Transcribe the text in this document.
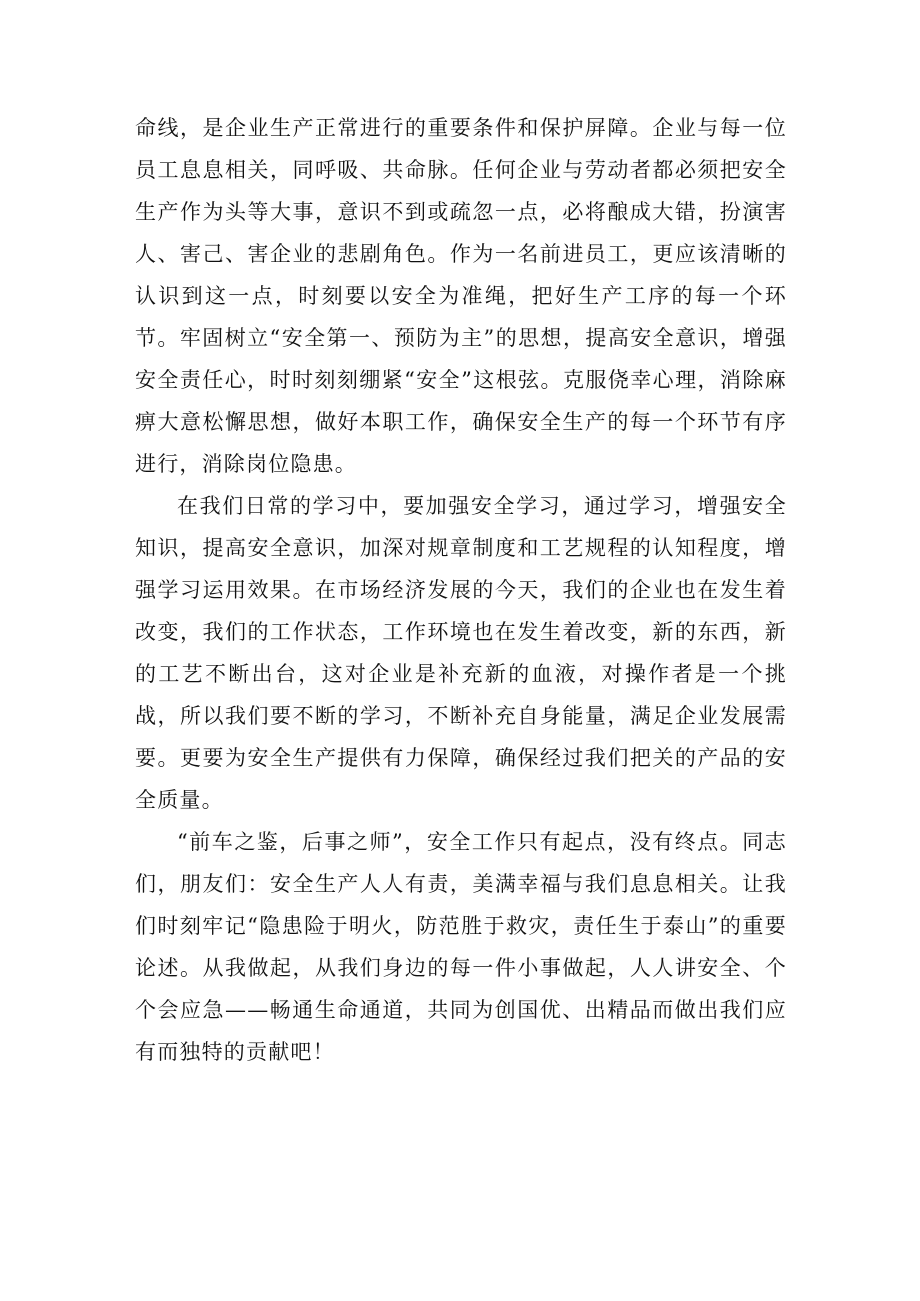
命线，是企业生产正常进行的重要条件和保护屏障。企业与每一位员工息息相关，同呼吸、共命脉。任何企业与劳动者都必须把安全生产作为头等大事，意识不到或疏忽一点，必将酿成大错，扮演害人、害己、害企业的悲剧角色。作为一名前进员工，更应该清晰的认识到这一点，时刻要以安全为准绳，把好生产工序的每一个环节。牢固树立“安全第一、预防为主”的思想，提高安全意识，增强安全责任心，时时刻刻绷紧“安全”这根弦。克服侥幸心理，消除麻痹大意松懈思想，做好本职工作，确保安全生产的每一个环节有序进行，消除岗位隐患。

在我们日常的学习中，要加强安全学习，通过学习，增强安全知识，提高安全意识，加深对规章制度和工艺规程的认知程度，增强学习运用效果。在市场经济发展的今天，我们的企业也在发生着改变，我们的工作状态，工作环境也在发生着改变，新的东西，新的工艺不断出台，这对企业是补充新的血液，对操作者是一个挑战，所以我们要不断的学习，不断补充自身能量，满足企业发展需要。更要为安全生产提供有力保障，确保经过我们把关的产品的安全质量。

“前车之鉴，后事之师”，安全工作只有起点，没有终点。同志们，朋友们：安全生产人人有责，美满幸福与我们息息相关。让我们时刻牢记“隐患险于明火，防范胜于救灾，责任生于泰山”的重要论述。从我做起，从我们身边的每一件小事做起，人人讲安全、个个会应急——畅通生命通道，共同为创国优、出精品而做出我们应有而独特的贡献吧！
